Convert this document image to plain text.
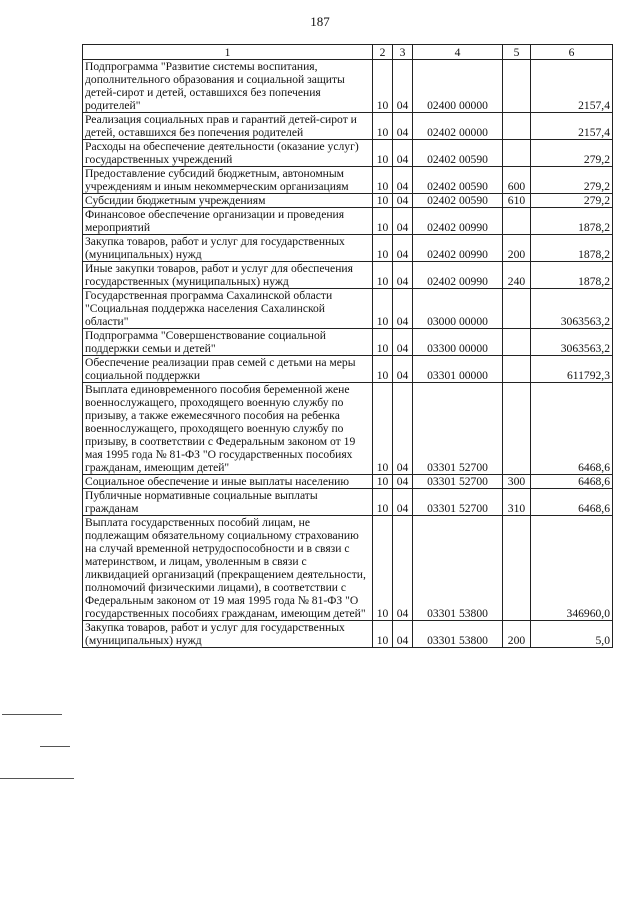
187
1	2	3	4	5	6
Подпрограмма "Развитие системы воспитания, дополнительного образования и социальной защиты детей-сирот и детей, оставшихся без попечения родителей"	10	04	02400 00000		2157,4
Реализация социальных прав и гарантий детей-сирот и детей, оставшихся без попечения родителей	10	04	02402 00000		2157,4
Расходы на обеспечение деятельности (оказание услуг) государственных учреждений	10	04	02402 00590		279,2
Предоставление субсидий бюджетным, автономным учреждениям и иным некоммерческим организациям	10	04	02402 00590	600	279,2
Субсидии бюджетным учреждениям	10	04	02402 00590	610	279,2
Финансовое обеспечение организации и проведения мероприятий	10	04	02402 00990		1878,2
Закупка товаров, работ и услуг для государственных (муниципальных) нужд	10	04	02402 00990	200	1878,2
Иные закупки товаров, работ и услуг для обеспечения государственных (муниципальных) нужд	10	04	02402 00990	240	1878,2
Государственная программа Сахалинской области "Социальная поддержка населения Сахалинской области"	10	04	03000 00000		3063563,2
Подпрограмма "Совершенствование социальной поддержки семьи и детей"	10	04	03300 00000		3063563,2
Обеспечение реализации прав семей с детьми на меры социальной поддержки	10	04	03301 00000		611792,3
Выплата единовременного пособия беременной жене военнослужащего, проходящего военную службу по призыву, а также ежемесячного пособия на ребенка военнослужащего, проходящего военную службу по призыву, в соответствии с Федеральным законом от 19 мая 1995 года № 81-ФЗ "О государственных пособиях гражданам, имеющим детей"	10	04	03301 52700		6468,6
Социальное обеспечение и иные выплаты населению	10	04	03301 52700	300	6468,6
Публичные нормативные социальные выплаты гражданам	10	04	03301 52700	310	6468,6
Выплата государственных пособий лицам, не подлежащим обязательному социальному страхованию на случай временной нетрудоспособности и в связи с материнством, и лицам, уволенным в связи с ликвидацией организаций (прекращением деятельности, полномочий физическими лицами), в соответствии с Федеральным законом от 19 мая 1995 года № 81-ФЗ "О государственных пособиях гражданам, имеющим детей"	10	04	03301 53800		346960,0
Закупка товаров, работ и услуг для государственных (муниципальных) нужд	10	04	03301 53800	200	5,0
